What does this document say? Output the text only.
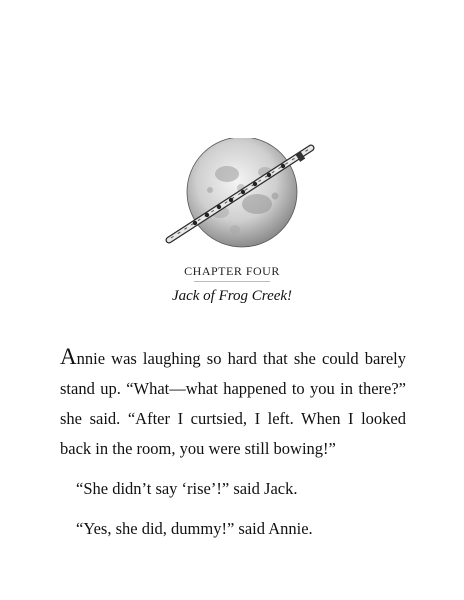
CHAPTER FOUR
Jack of Frog Creek!

Annie was laughing so hard that she could barely stand up. “What—what happened to you in there?” she said. “After I curtsied, I left. When I looked back in the room, you were still bowing!”

“She didn’t say ‘rise’!” said Jack.

“Yes, she did, dummy!” said Annie.
